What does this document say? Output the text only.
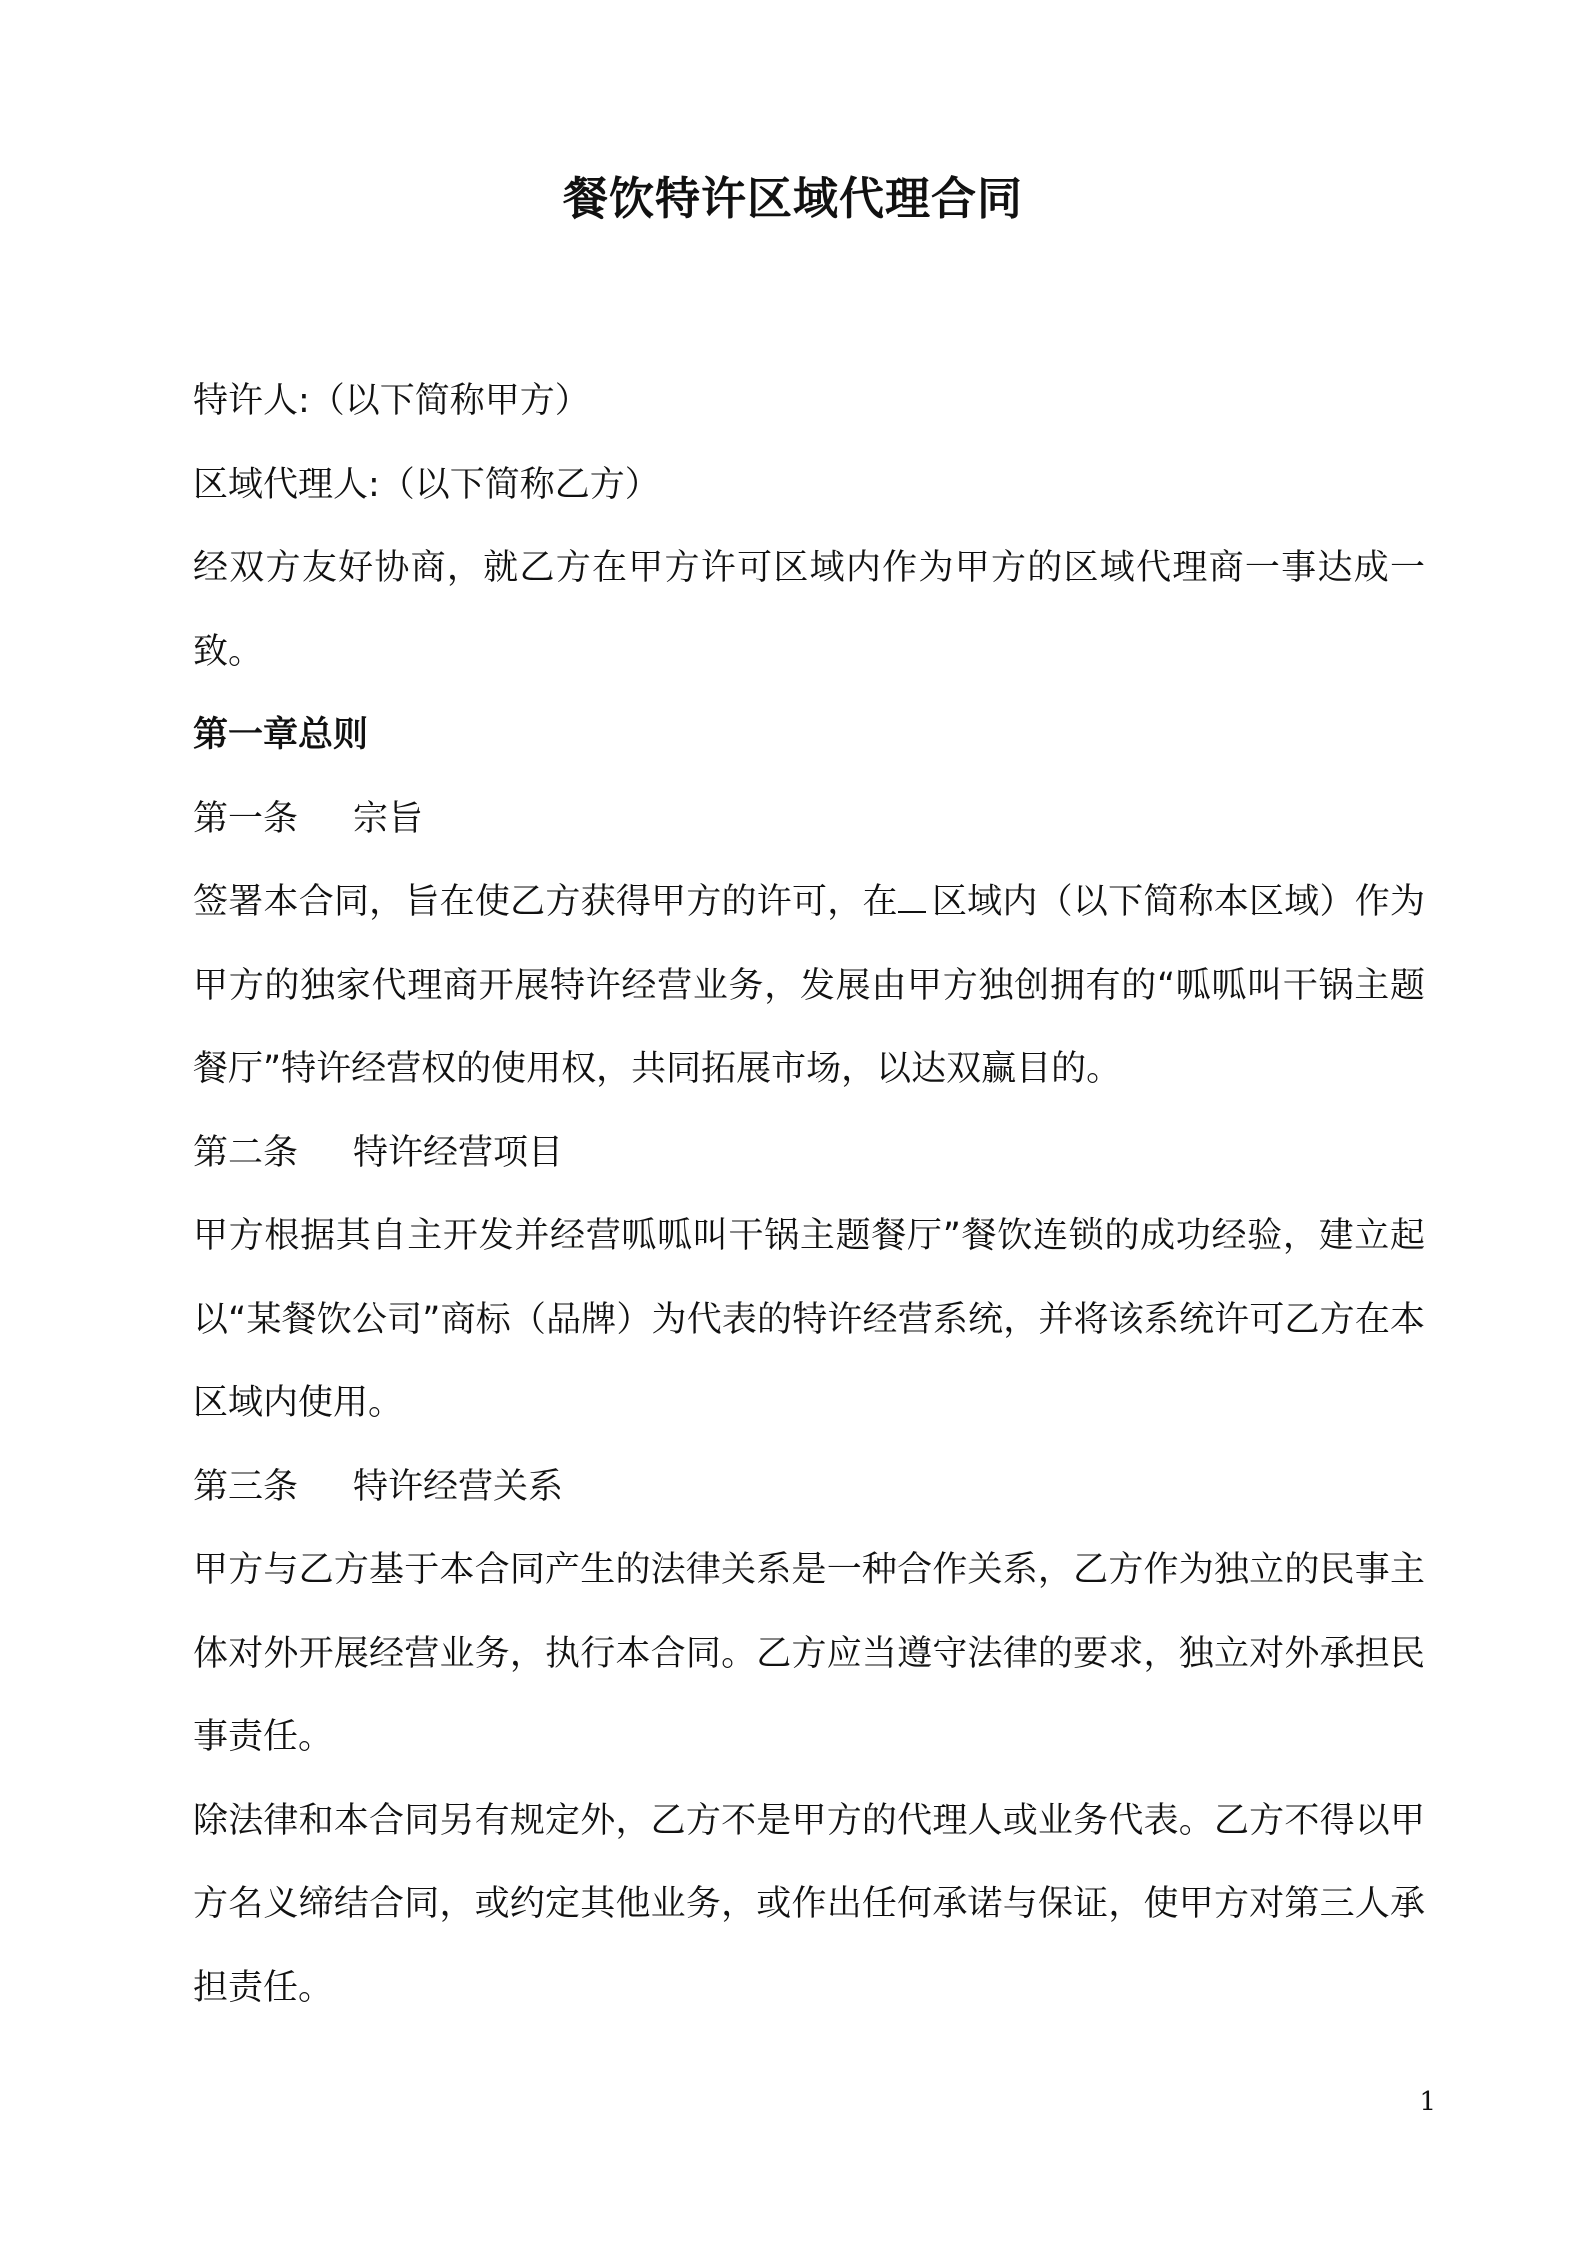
餐饮特许区域代理合同

特许人:（以下简称甲方）

区域代理人:（以下简称乙方）

经双方友好协商，就乙方在甲方许可区域内作为甲方的区域代理商一事达成一致。

第一章总则

第一条 宗旨

签署本合同，旨在使乙方获得甲方的许可，在 区域内（以下简称本区域）作为甲方的独家代理商开展特许经营业务，发展由甲方独创拥有的“呱呱叫干锅主题餐厅”特许经营权的使用权，共同拓展市场，以达双赢目的。

第二条 特许经营项目

甲方根据其自主开发并经营呱呱叫干锅主题餐厅”餐饮连锁的成功经验，建立起以“某餐饮公司”商标（品牌）为代表的特许经营系统，并将该系统许可乙方在本区域内使用。

第三条 特许经营关系

甲方与乙方基于本合同产生的法律关系是一种合作关系，乙方作为独立的民事主体对外开展经营业务，执行本合同。乙方应当遵守法律的要求，独立对外承担民事责任。

除法律和本合同另有规定外，乙方不是甲方的代理人或业务代表。乙方不得以甲方名义缔结合同，或约定其他业务，或作出任何承诺与保证，使甲方对第三人承担责任。

1
